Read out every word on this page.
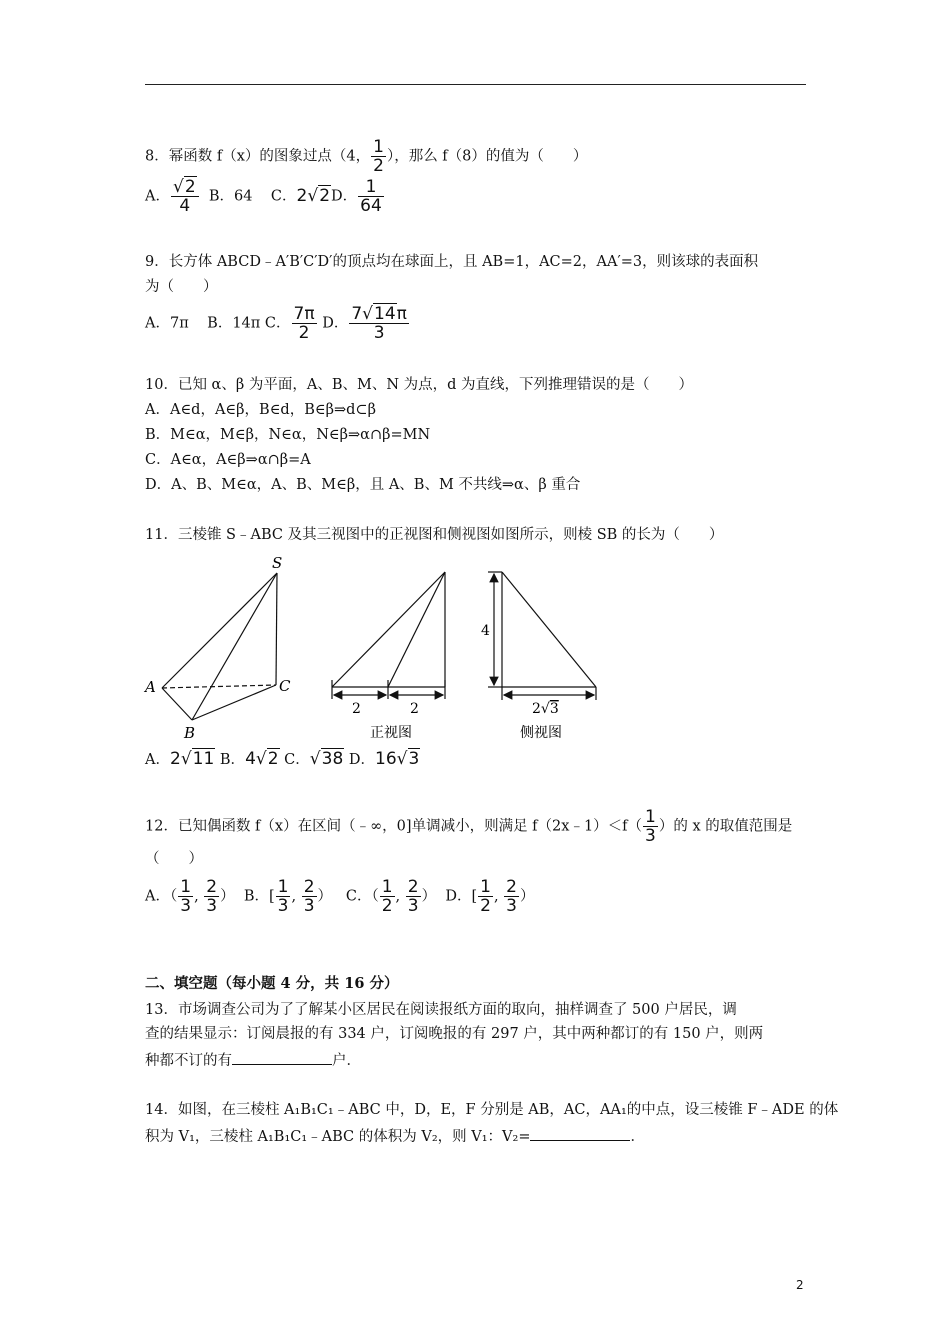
8．幂函数 f（x）的图象过点（4， $\frac{1}{2}$ ），那么 f（8）的值为（　　）
A． $\frac{√2}{4}$ B．64 C．2√2D． $\frac{1}{64}$
9．长方体 ABCD﹣A′B′C′D′的顶点均在球面上，且 AB=1，AC=2，AA′=3，则该球的表面积
为（　　）
A．7π B．14π C． $\frac{7\pi}{2}$ D． $\frac{7√14\pi}{3}$
10．已知 α、β 为平面，A、B、M、N 为点，d 为直线，下列推理错误的是（　　）
A．A∈d，A∈β，B∈d，B∈β⇒d⊂β
B．M∈α，M∈β，N∈α，N∈β⇒α∩β=MN
C．A∈α，A∈β⇒α∩β=A
D．A、B、M∈α，A、B、M∈β，且 A、B、M 不共线⇒α、β 重合
11．三棱锥 S﹣ABC 及其三视图中的正视图和侧视图如图所示，则棱 SB 的长为（　　）
S
A
B
C
2	2
正视图
4
2√3
侧视图
A．2√11 B．4√2 C．√38 D．16√3
12．已知偶函数 f（x）在区间（﹣∞，0]单调减小，则满足 f（2x﹣1）＜f（ $\frac{1}{3}$ ）的 x 的取值范围是
（　　）
A．（ $\frac{1}{3}$ , $\frac{2}{3}$ ） B．[ $\frac{1}{3}$ , $\frac{2}{3}$ ） C．（ $\frac{1}{2}$ , $\frac{2}{3}$ ） D．[ $\frac{1}{2}$ , $\frac{2}{3}$ ）
二、填空题（每小题 4 分，共 16 分）
13．市场调查公司为了了解某小区居民在阅读报纸方面的取向，抽样调查了 500 户居民，调
查的结果显示：订阅晨报的有 334 户，订阅晚报的有 297 户，其中两种都订的有 150 户，则两
种都不订的有	户．
14．如图，在三棱柱 A₁B₁C₁﹣ABC 中，D，E，F 分别是 AB，AC，AA₁的中点，设三棱锥 F﹣ADE 的体
积为 V₁，三棱柱 A₁B₁C₁﹣ABC 的体积为 V₂，则 V₁：V₂=	．
2
